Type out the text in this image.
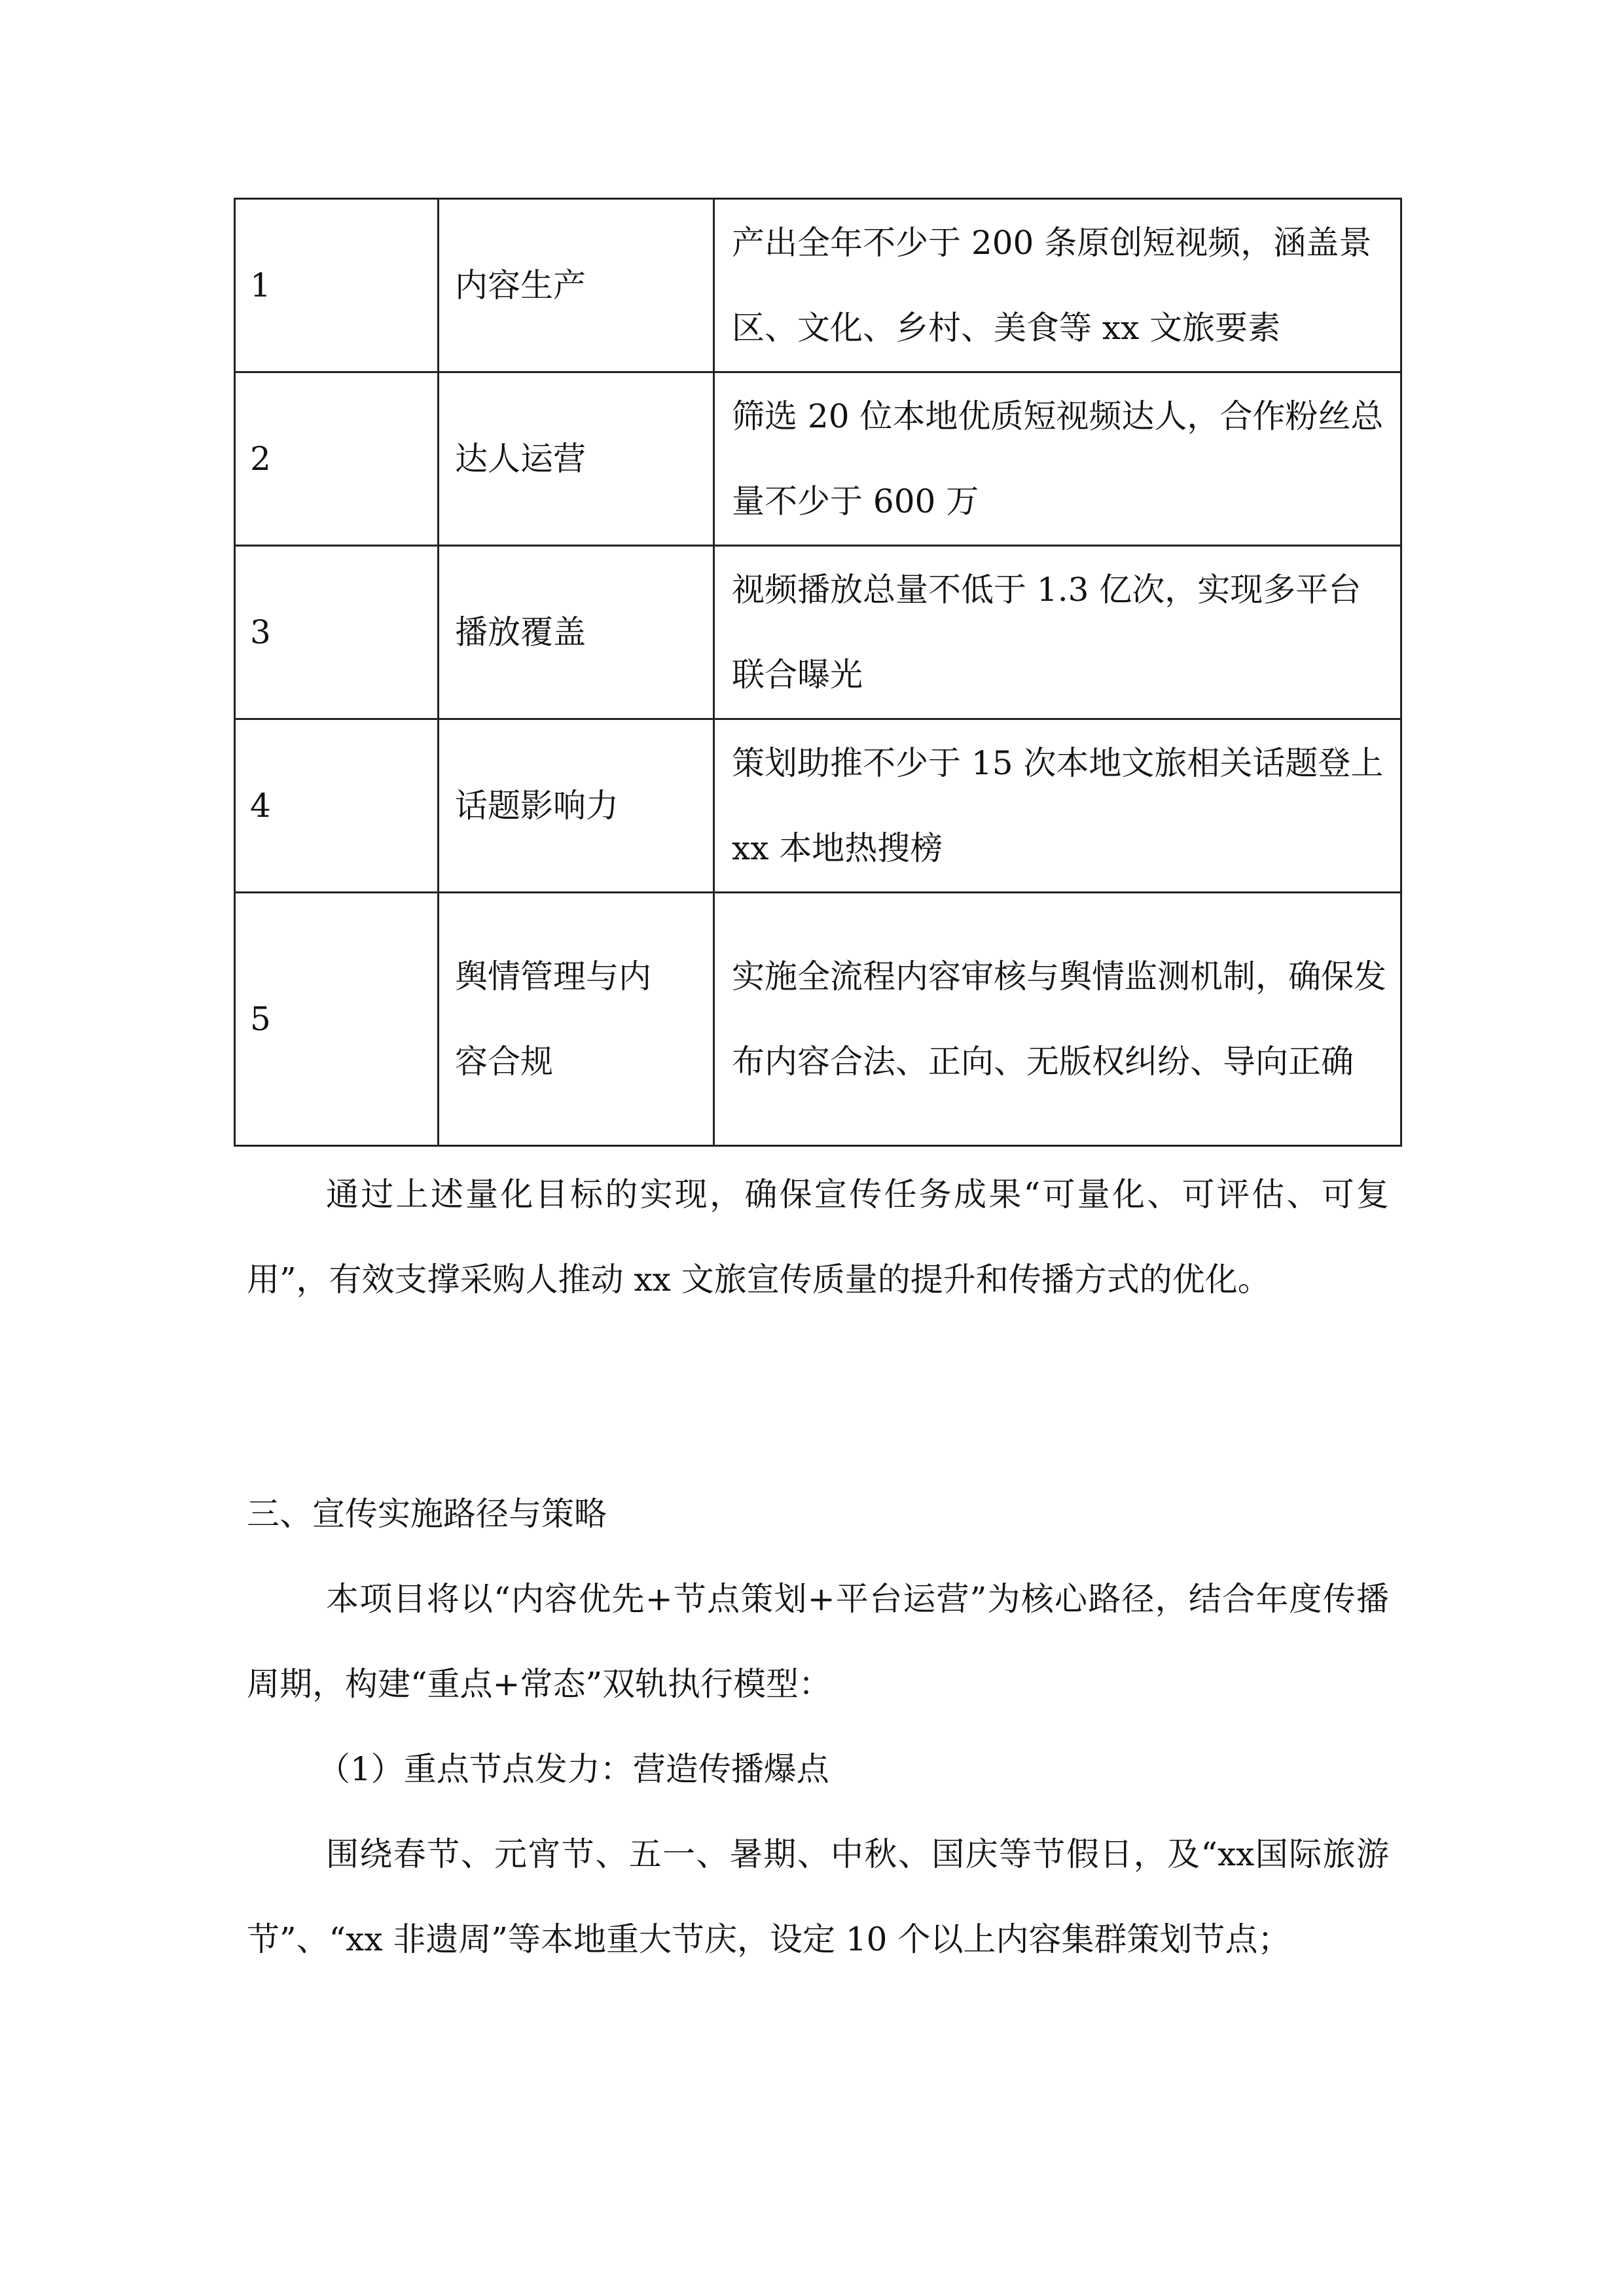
1	内容生产	产出全年不少于 200 条原创短视频，涵盖景区、文化、乡村、美食等 xx 文旅要素
2	达人运营	筛选 20 位本地优质短视频达人，合作粉丝总量不少于 600 万
3	播放覆盖	视频播放总量不低于 1.3 亿次，实现多平台联合曝光
4	话题影响力	策划助推不少于 15 次本地文旅相关话题登上 xx 本地热搜榜
5	舆情管理与内容合规	实施全流程内容审核与舆情监测机制，确保发布内容合法、正向、无版权纠纷、导向正确

通过上述量化目标的实现，确保宣传任务成果“可量化、可评估、可复用”，有效支撑采购人推动 xx 文旅宣传质量的提升和传播方式的优化。

三、宣传实施路径与策略

本项目将以“内容优先+节点策划+平台运营”为核心路径，结合年度传播周期，构建“重点+常态”双轨执行模型：

（1）重点节点发力：营造传播爆点

围绕春节、元宵节、五一、暑期、中秋、国庆等节假日，及“xx国际旅游节”、“xx 非遗周”等本地重大节庆，设定 10 个以上内容集群策划节点；
